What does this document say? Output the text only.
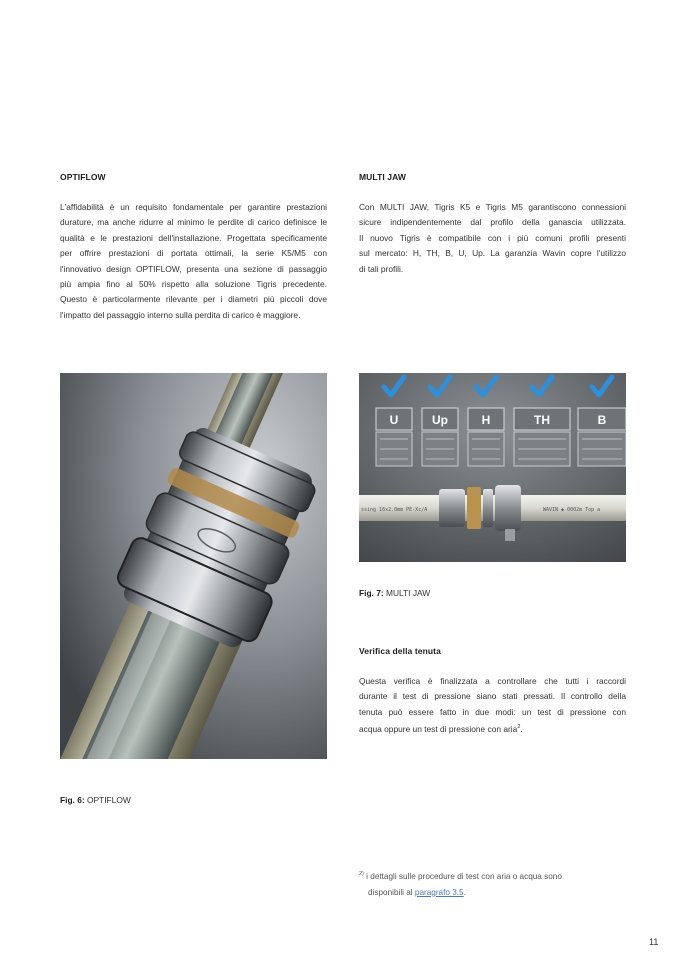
OPTIFLOW
L'affidabilità è un requisito fondamentale per garantire prestazioni
durature, ma anche ridurre al minimo le perdite di carico definisce le
qualità e le prestazioni dell'installazione. Progettata specificamente
per offrire prestazioni di portata ottimali, la serie K5/M5 con
l'innovativo design OPTIFLOW, presenta una sezione di passaggio
più ampia fino al 50% rispetto alla soluzione Tigris precedente.
Questo è particolarmente rilevante per i diametri più piccoli dove
l'impatto del passaggio interno sulla perdita di carico è maggiore.
MULTI JAW
Con MULTI JAW, Tigris K5 e Tigris M5 garantiscono connessioni
sicure indipendentemente dal profilo della ganascia utilizzata.
Il nuovo Tigris è compatibile con i più comuni profili presenti
sul mercato: H, TH, B, U, Up. La garanzia Wavin copre l'utilizzo
di tali profili.
U	Up	H	TH	B
ssing 16x2.0mm PE-Xc/A	WAVIN ◆ 0002m Top a
Fig. 6: OPTIFLOW
Fig. 7: MULTI JAW
Verifica della tenuta
Questa verifica è finalizzata a controllare che tutti i raccordi
durante il test di pressione siano stati pressati. Il controllo della
tenuta può essere fatto in due modi: un test di pressione con
acqua oppure un test di pressione con aria$^2$.
$^{2)}$ i dettagli sulle procedure di test con aria o acqua sono
disponibili al paragrafo 3.5.
11
